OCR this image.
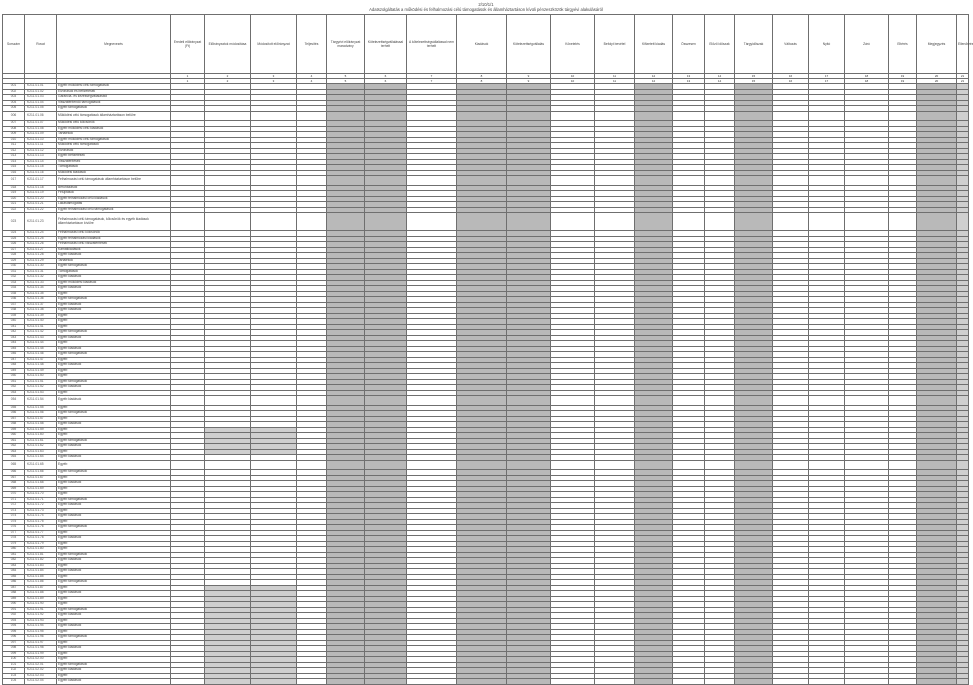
2/10/1/1
Adatszolgáltatás a működési és felhalmozási célú támogatások és államháztartáson kívüli pénzeszközök tárgyévi alakulásáról
Sorszám	Rovat	Megnevezés	Eredeti előirányzat (Ft)	Előirányzatok módosítása	Módosított előirányzat	Teljesítés	Tárgyévi előirányzat maradvány	Kötelezettségvállalással terhelt	A kötelezettségvállalással nem terhelt	Kiadások	Kötelezettségvállalás	Követelés	Befolyt bevétel	Kifizetett kiadás	Összesen	Előző időszak	Tárgyidőszak	Változás	Nyitó	Záró	Eltérés	Megjegyzés	Ellenőrzés
			1	2	3	4	5	6	7	8	9	10	11	12	13	14	15	16	17	18	19	20	21
			1	2	3	4	5	6	7	8	9	10	11	12	13	14	15	16	17	18	19	20	21
001	K211.01.01	Egyéb működési célú támogatások																					
002	K211.01.02	Elvonások és befizetések																					
003	K211.01.03	Garancia- és kezességvállalásból																					
004	K211.01.04	Visszatérítendő támogatások																					
005	K211.01.05	Egyéb támogatások																					
006	K211.01.06	Működési célú támogatások államháztartáson belülre																					
007	K211.01.07	Működési célú kölcsönök																					
008	K211.01.08	Egyéb működési célú kiadások																					
009	K211.01.09	Tartalékok																					
010	K211.01.10	Egyéb működési célú támogatások																					
011	K211.01.11	Működési célú támogatások																					
012	K211.01.12	Elvonások																					
013	K211.01.13	Egyéb befizetések																					
014	K211.01.14	Visszatérítések																					
015	K211.01.15	Támogatások																					
016	K211.01.16	Működési kiadások																					
017	K211.01.17	Felhalmozási célú támogatások államháztartáson belülre																					
018	K211.01.18	Beruházások																					
019	K211.01.19	Felújítások																					
020	K211.01.20	Egyéb felhalmozási célú kiadások																					
021	K211.01.21	Lakástámogatás																					
022	K211.01.22	Egyéb felhalmozási célú támogatások																					
023	K211.01.23	Felhalmozási célú támogatások, kölcsönök és egyéb kiadások államháztartáson kívülre																					
024	K211.01.24	Felhalmozási célú kölcsönök																					
025	K211.01.25	Egyéb felhalmozási kiadások																					
026	K211.01.26	Felhalmozási célú visszatérítések																					
027	K211.01.27	Kamatkiadások																					
028	K211.01.28	Egyéb kiadások																					
029	K211.01.29	Tartalékok																					
030	K211.01.30	Egyéb támogatások																					
031	K211.01.31	Támogatások																					
032	K211.01.32	Egyéb kiadások																					
033	K211.01.33	Egyéb működési kiadások																					
034	K211.01.34	Egyéb kiadások																					
035	K211.01.35	Egyéb																					
036	K211.01.36	Egyéb támogatások																					
037	K211.01.37	Egyéb kiadások																					
038	K211.01.38	Egyéb kiadások																					
039	K211.01.39	Egyéb																					
040	K211.01.40	Egyéb																					
041	K211.01.41	Egyéb																					
042	K211.01.42	Egyéb támogatások																					
043	K211.01.43	Egyéb kiadások																					
044	K211.01.44	Egyéb																					
045	K211.01.45	Egyéb kiadások																					
046	K211.01.46	Egyéb támogatások																					
047	K211.01.47	Egyéb																					
048	K211.01.48	Egyéb kiadások																					
049	K211.01.49	Egyéb																					
050	K211.01.50	Egyéb																					
051	K211.01.51	Egyéb támogatások																					
052	K211.01.52	Egyéb kiadások																					
053	K211.01.53	Egyéb																					
054	K211.01.54	Egyéb kiadások																					
055	K211.01.55	Egyéb																					
056	K211.01.56	Egyéb támogatások																					
057	K211.01.57	Egyéb																					
058	K211.01.58	Egyéb kiadások																					
059	K211.01.59	Egyéb																					
060	K211.01.60	Egyéb																					
061	K211.01.61	Egyéb támogatások																					
062	K211.01.62	Egyéb kiadások																					
063	K211.01.63	Egyéb																					
064	K211.01.64	Egyéb kiadások																					
065	K211.01.65	Egyéb																					
066	K211.01.66	Egyéb támogatások																					
067	K211.01.67	Egyéb																					
068	K211.01.68	Egyéb kiadások																					
069	K211.01.69	Egyéb																					
070	K211.01.70	Egyéb																					
071	K211.01.71	Egyéb támogatások																					
072	K211.01.72	Egyéb kiadások																					
073	K211.01.73	Egyéb																					
074	K211.01.74	Egyéb kiadások																					
075	K211.01.75	Egyéb																					
076	K211.01.76	Egyéb támogatások																					
077	K211.01.77	Egyéb																					
078	K211.01.78	Egyéb kiadások																					
079	K211.01.79	Egyéb																					
080	K211.01.80	Egyéb																					
081	K211.01.81	Egyéb támogatások																					
082	K211.01.82	Egyéb kiadások																					
083	K211.01.83	Egyéb																					
084	K211.01.84	Egyéb kiadások																					
085	K211.01.85	Egyéb																					
086	K211.01.86	Egyéb támogatások																					
087	K211.01.87	Egyéb																					
088	K211.01.88	Egyéb kiadások																					
089	K211.01.89	Egyéb																					
090	K211.01.90	Egyéb																					
091	K211.01.91	Egyéb támogatások																					
092	K211.01.92	Egyéb kiadások																					
093	K211.01.93	Egyéb																					
094	K211.01.94	Egyéb kiadások																					
095	K211.01.95	Egyéb																					
096	K211.01.96	Egyéb támogatások																					
097	K211.01.97	Egyéb																					
098	K211.01.98	Egyéb kiadások																					
099	K211.01.99	Egyéb																					
100	K211.02.00	Egyéb																					
101	K211.02.01	Egyéb támogatások																					
102	K211.02.02	Egyéb kiadások																					
103	K211.02.03	Egyéb																					
104	K211.02.04	Egyéb kiadások																					
